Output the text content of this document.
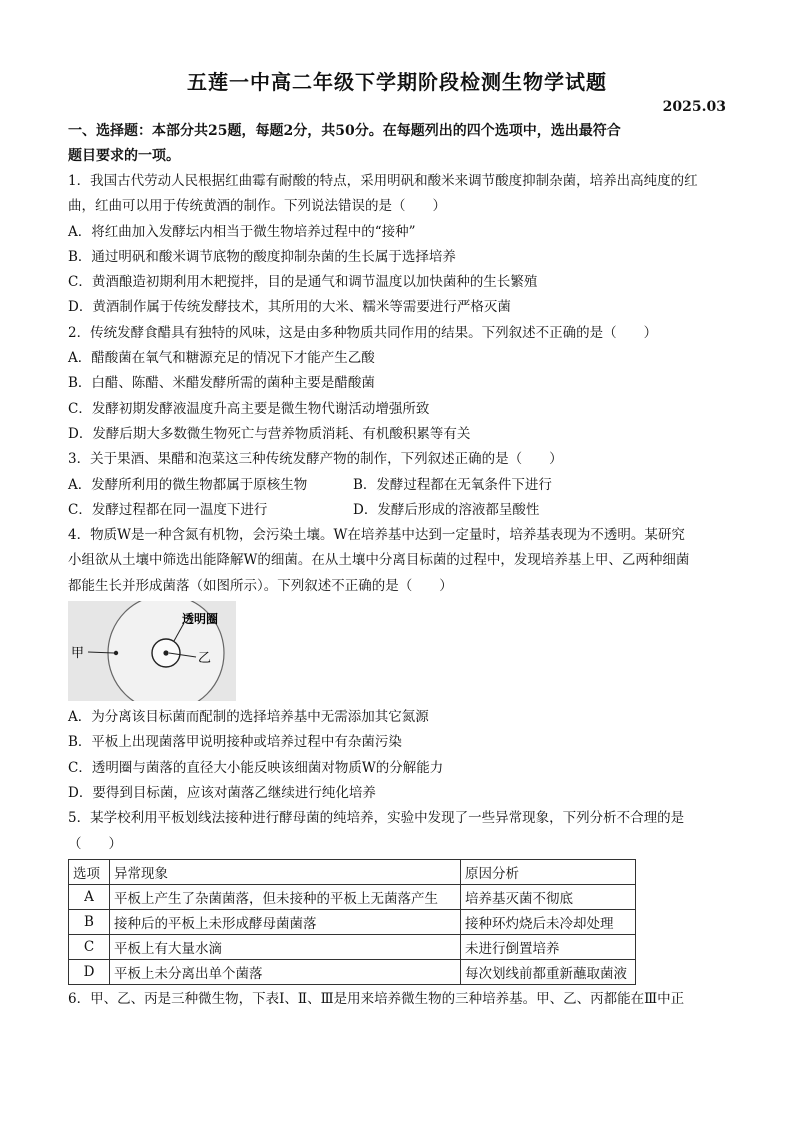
五莲一中高二年级下学期阶段检测生物学试题

2025.03

一、选择题：本部分共25题，每题2分，共50分。在每题列出的四个选项中，选出最符合

题目要求的一项。

1．我国古代劳动人民根据红曲霉有耐酸的特点，采用明矾和酸米来调节酸度抑制杂菌，培养出高纯度的红

曲，红曲可以用于传统黄酒的制作。下列说法错误的是（　　）

A．将红曲加入发酵坛内相当于微生物培养过程中的“接种”

B．通过明矾和酸米调节底物的酸度抑制杂菌的生长属于选择培养

C．黄酒酿造初期利用木耙搅拌，目的是通气和调节温度以加快菌种的生长繁殖

D．黄酒制作属于传统发酵技术，其所用的大米、糯米等需要进行严格灭菌

2．传统发酵食醋具有独特的风味，这是由多种物质共同作用的结果。下列叙述不正确的是（　　）

A．醋酸菌在氧气和糖源充足的情况下才能产生乙酸

B．白醋、陈醋、米醋发酵所需的菌种主要是醋酸菌

C．发酵初期发酵液温度升高主要是微生物代谢活动增强所致

D．发酵后期大多数微生物死亡与营养物质消耗、有机酸积累等有关

3．关于果酒、果醋和泡菜这三种传统发酵产物的制作，下列叙述正确的是（　　）

A．发酵所利用的微生物都属于原核生物	B．发酵过程都在无氧条件下进行
C．发酵过程都在同一温度下进行	D．发酵后形成的溶液都呈酸性

4．物质W是一种含氮有机物，会污染土壤。W在培养基中达到一定量时，培养基表现为不透明。某研究

小组欲从土壤中筛选出能降解W的细菌。在从土壤中分离目标菌的过程中，发现培养基上甲、乙两种细菌

都能生长并形成菌落（如图所示）。下列叙述不正确的是（　　）

甲	乙
透明圈

A．为分离该目标菌而配制的选择培养基中无需添加其它氮源

B．平板上出现菌落甲说明接种或培养过程中有杂菌污染

C．透明圈与菌落的直径大小能反映该细菌对物质W的分解能力

D．要得到目标菌，应该对菌落乙继续进行纯化培养

5．某学校利用平板划线法接种进行酵母菌的纯培养，实验中发现了一些异常现象，下列分析不合理的是

（　　）

选项	异常现象	原因分析
A	平板上产生了杂菌菌落，但未接种的平板上无菌落产生	培养基灭菌不彻底
B	接种后的平板上未形成酵母菌菌落	接种环灼烧后未冷却处理
C	平板上有大量水滴	未进行倒置培养
D	平板上未分离出单个菌落	每次划线前都重新蘸取菌液

6．甲、乙、丙是三种微生物，下表Ⅰ、Ⅱ、Ⅲ是用来培养微生物的三种培养基。甲、乙、丙都能在Ⅲ中正
